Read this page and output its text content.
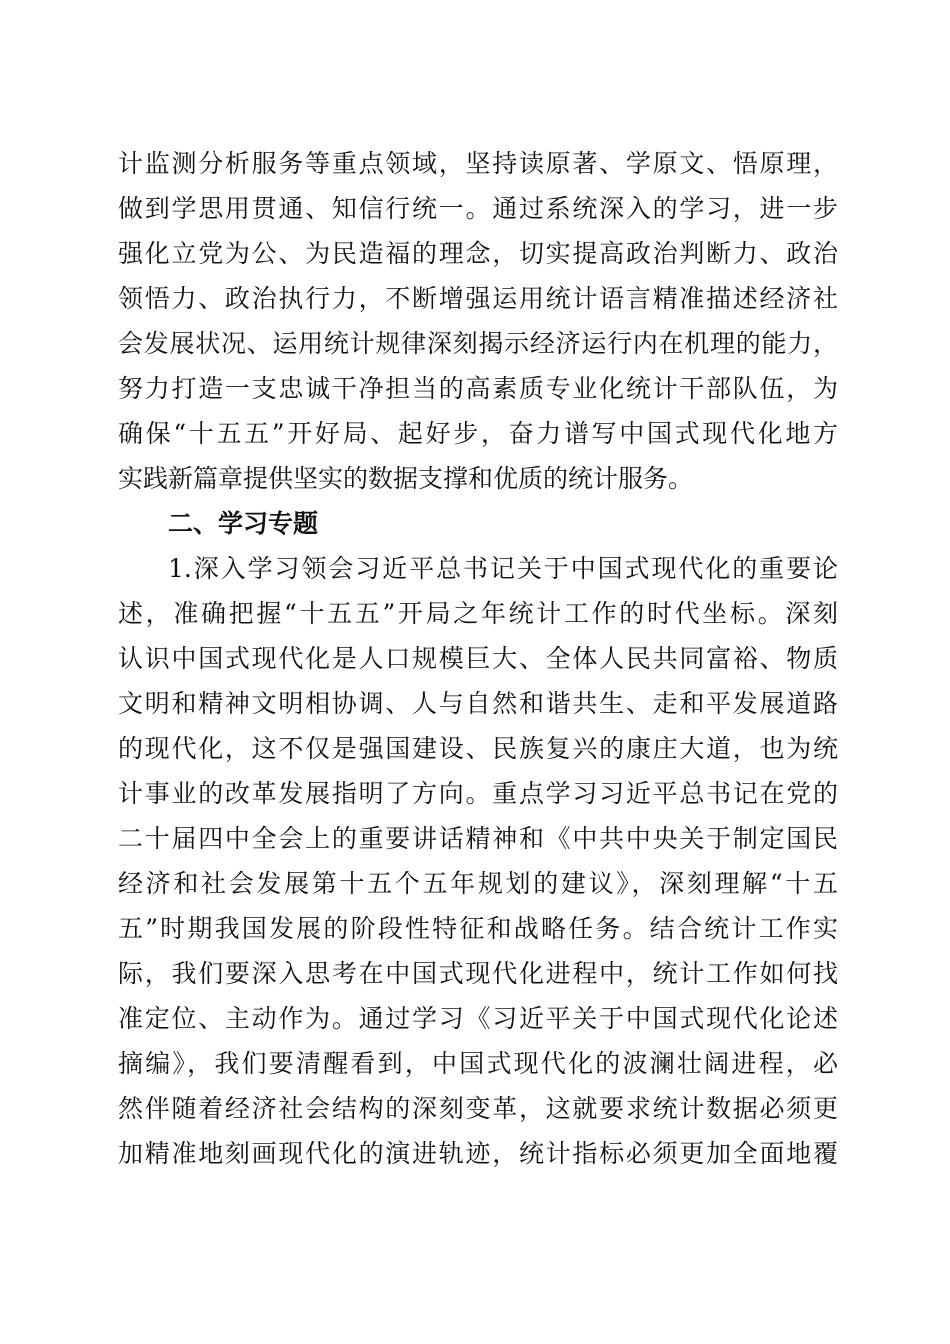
计监测分析服务等重点领域，坚持读原著、学原文、悟原理，
做到学思用贯通、知信行统一。通过系统深入的学习，进一步
强化立党为公、为民造福的理念，切实提高政治判断力、政治
领悟力、政治执行力，不断增强运用统计语言精准描述经济社
会发展状况、运用统计规律深刻揭示经济运行内在机理的能力，
努力打造一支忠诚干净担当的高素质专业化统计干部队伍，为
确保“十五五”开好局、起好步，奋力谱写中国式现代化地方
实践新篇章提供坚实的数据支撑和优质的统计服务。
二、学习专题
1.深入学习领会习近平总书记关于中国式现代化的重要论
述，准确把握“十五五”开局之年统计工作的时代坐标。深刻
认识中国式现代化是人口规模巨大、全体人民共同富裕、物质
文明和精神文明相协调、人与自然和谐共生、走和平发展道路
的现代化，这不仅是强国建设、民族复兴的康庄大道，也为统
计事业的改革发展指明了方向。重点学习习近平总书记在党的
二十届四中全会上的重要讲话精神和《中共中央关于制定国民
经济和社会发展第十五个五年规划的建议》，深刻理解“十五
五”时期我国发展的阶段性特征和战略任务。结合统计工作实
际，我们要深入思考在中国式现代化进程中，统计工作如何找
准定位、主动作为。通过学习《习近平关于中国式现代化论述
摘编》，我们要清醒看到，中国式现代化的波澜壮阔进程，必
然伴随着经济社会结构的深刻变革，这就要求统计数据必须更
加精准地刻画现代化的演进轨迹，统计指标必须更加全面地覆
